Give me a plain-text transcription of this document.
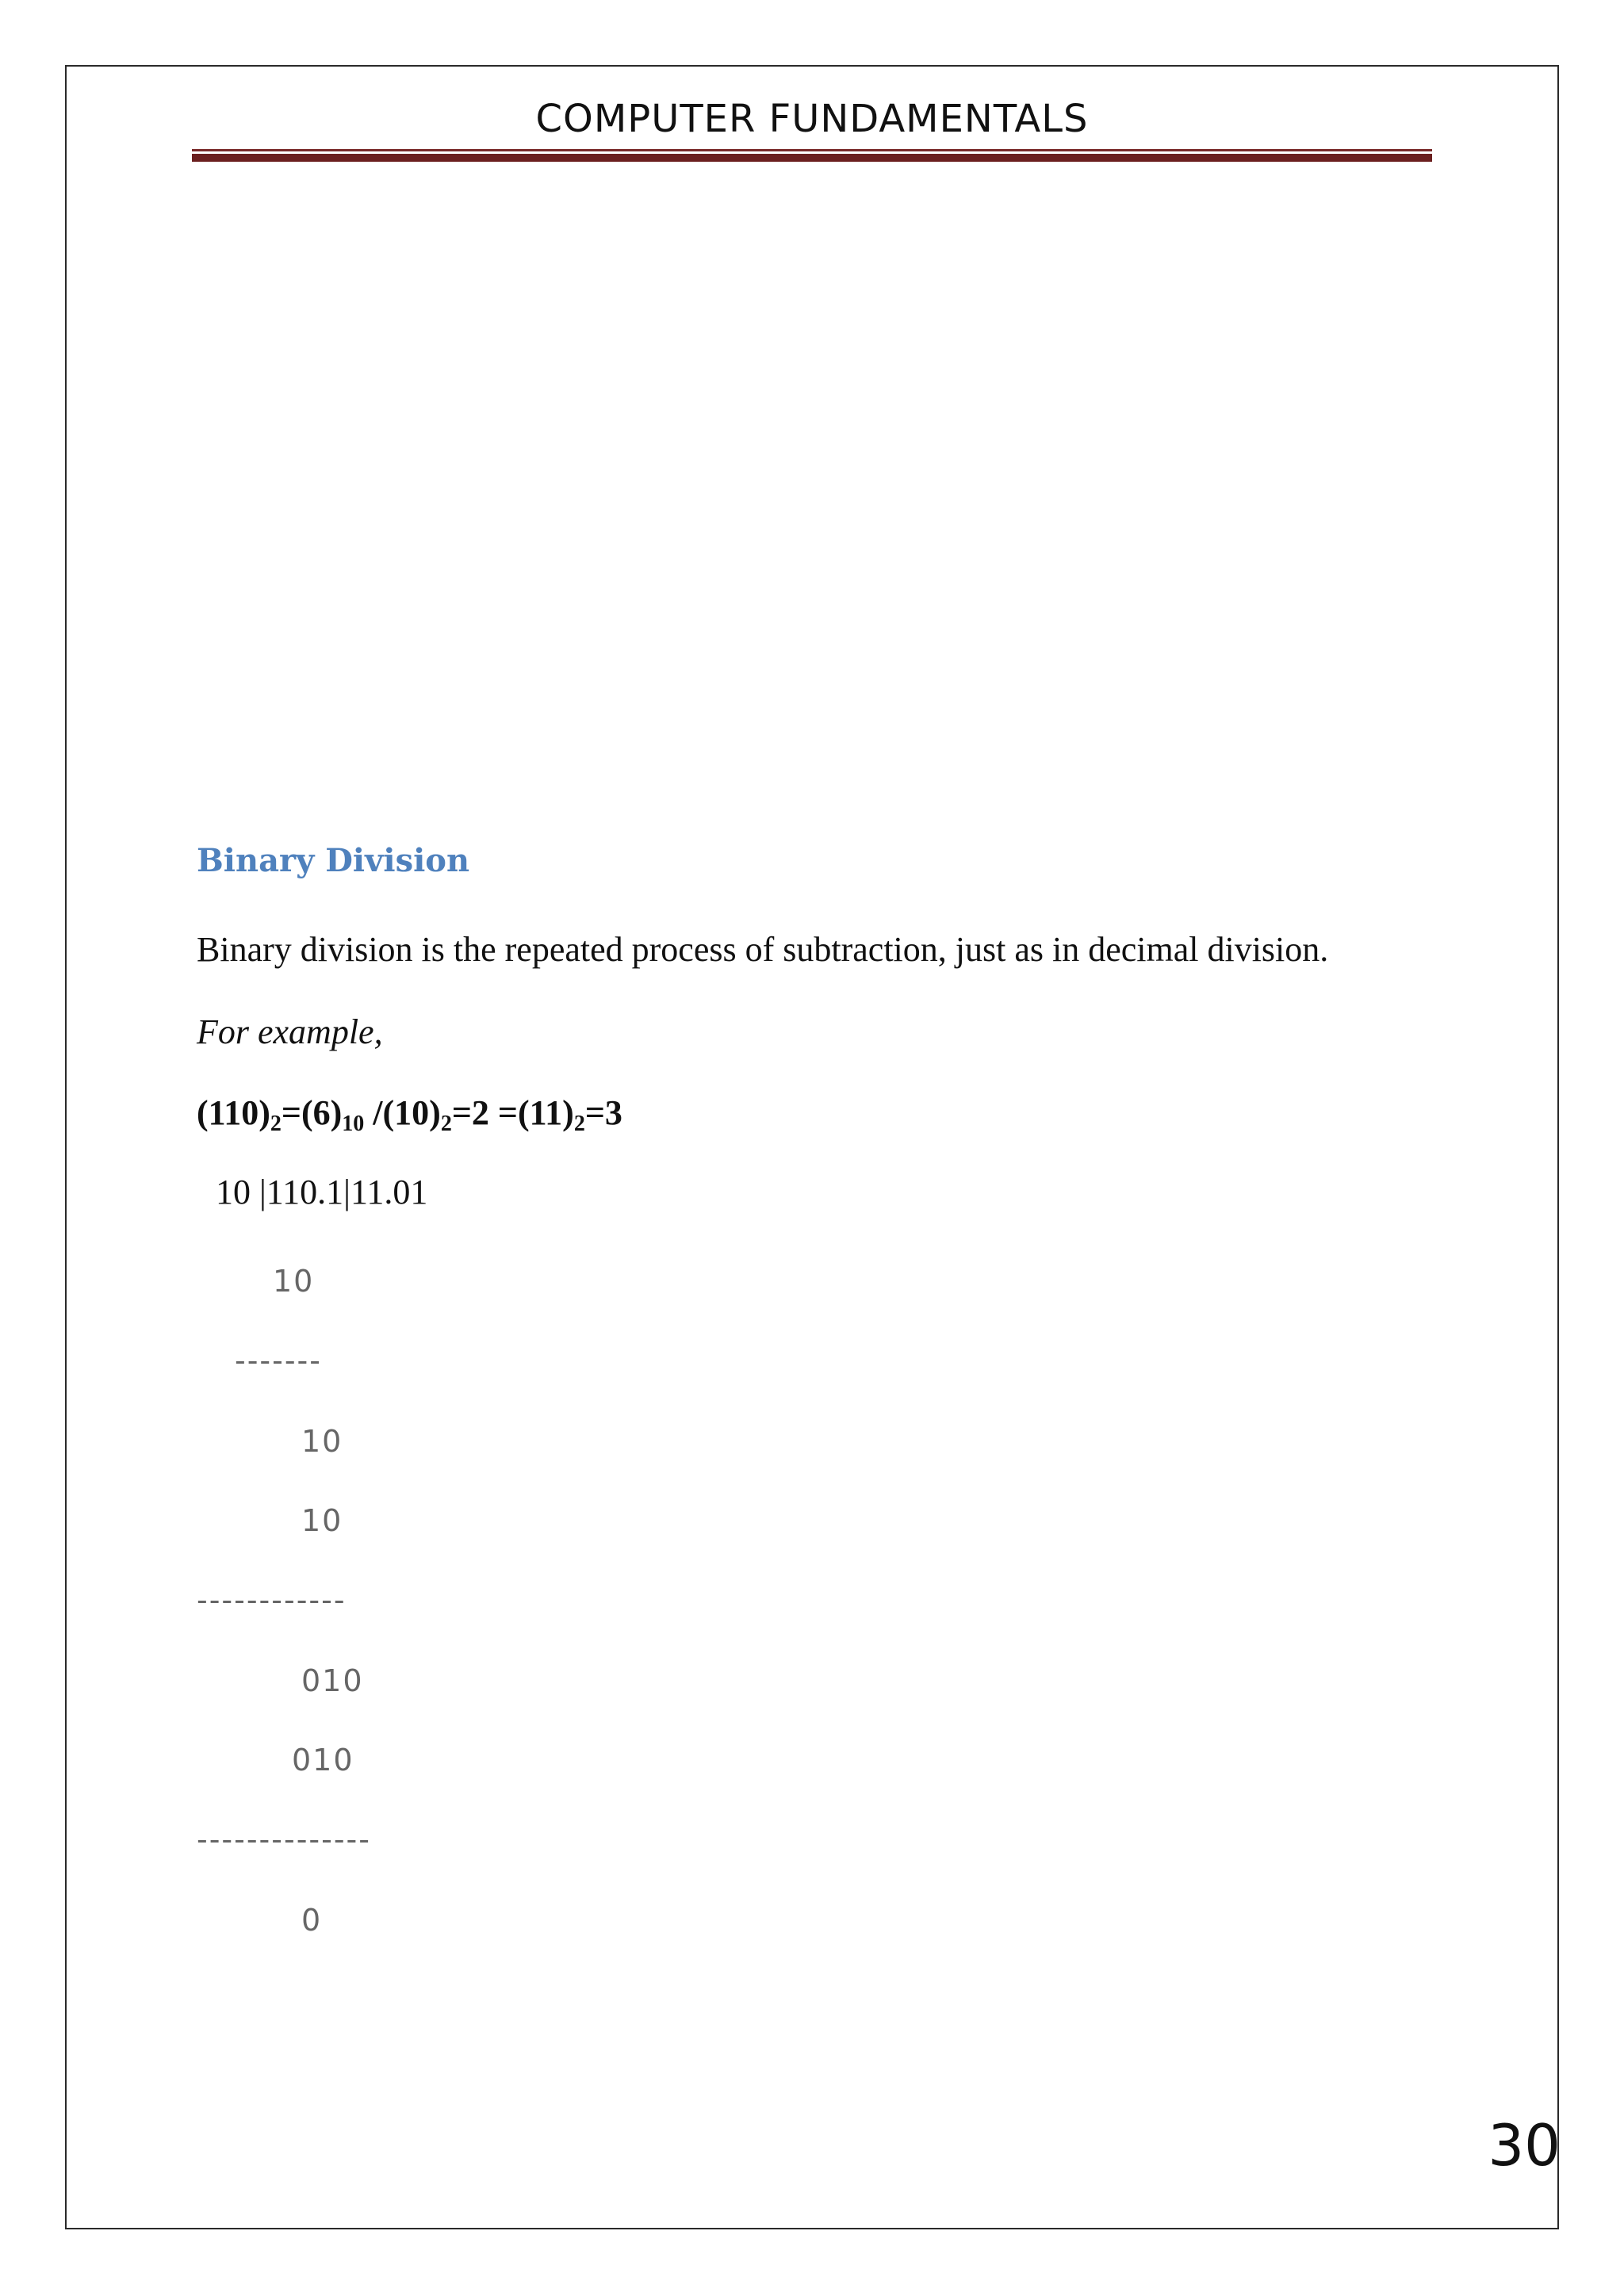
COMPUTER FUNDAMENTALS
Binary Division
Binary division is the repeated process of subtraction, just as in decimal division.
For example,
$(110)_2=(6)_{10}$ $/(10)_2=2 =(11)_2=3$
10 |110.1|11.01
10
-------
10
10
------------
010
010
--------------
0
30
